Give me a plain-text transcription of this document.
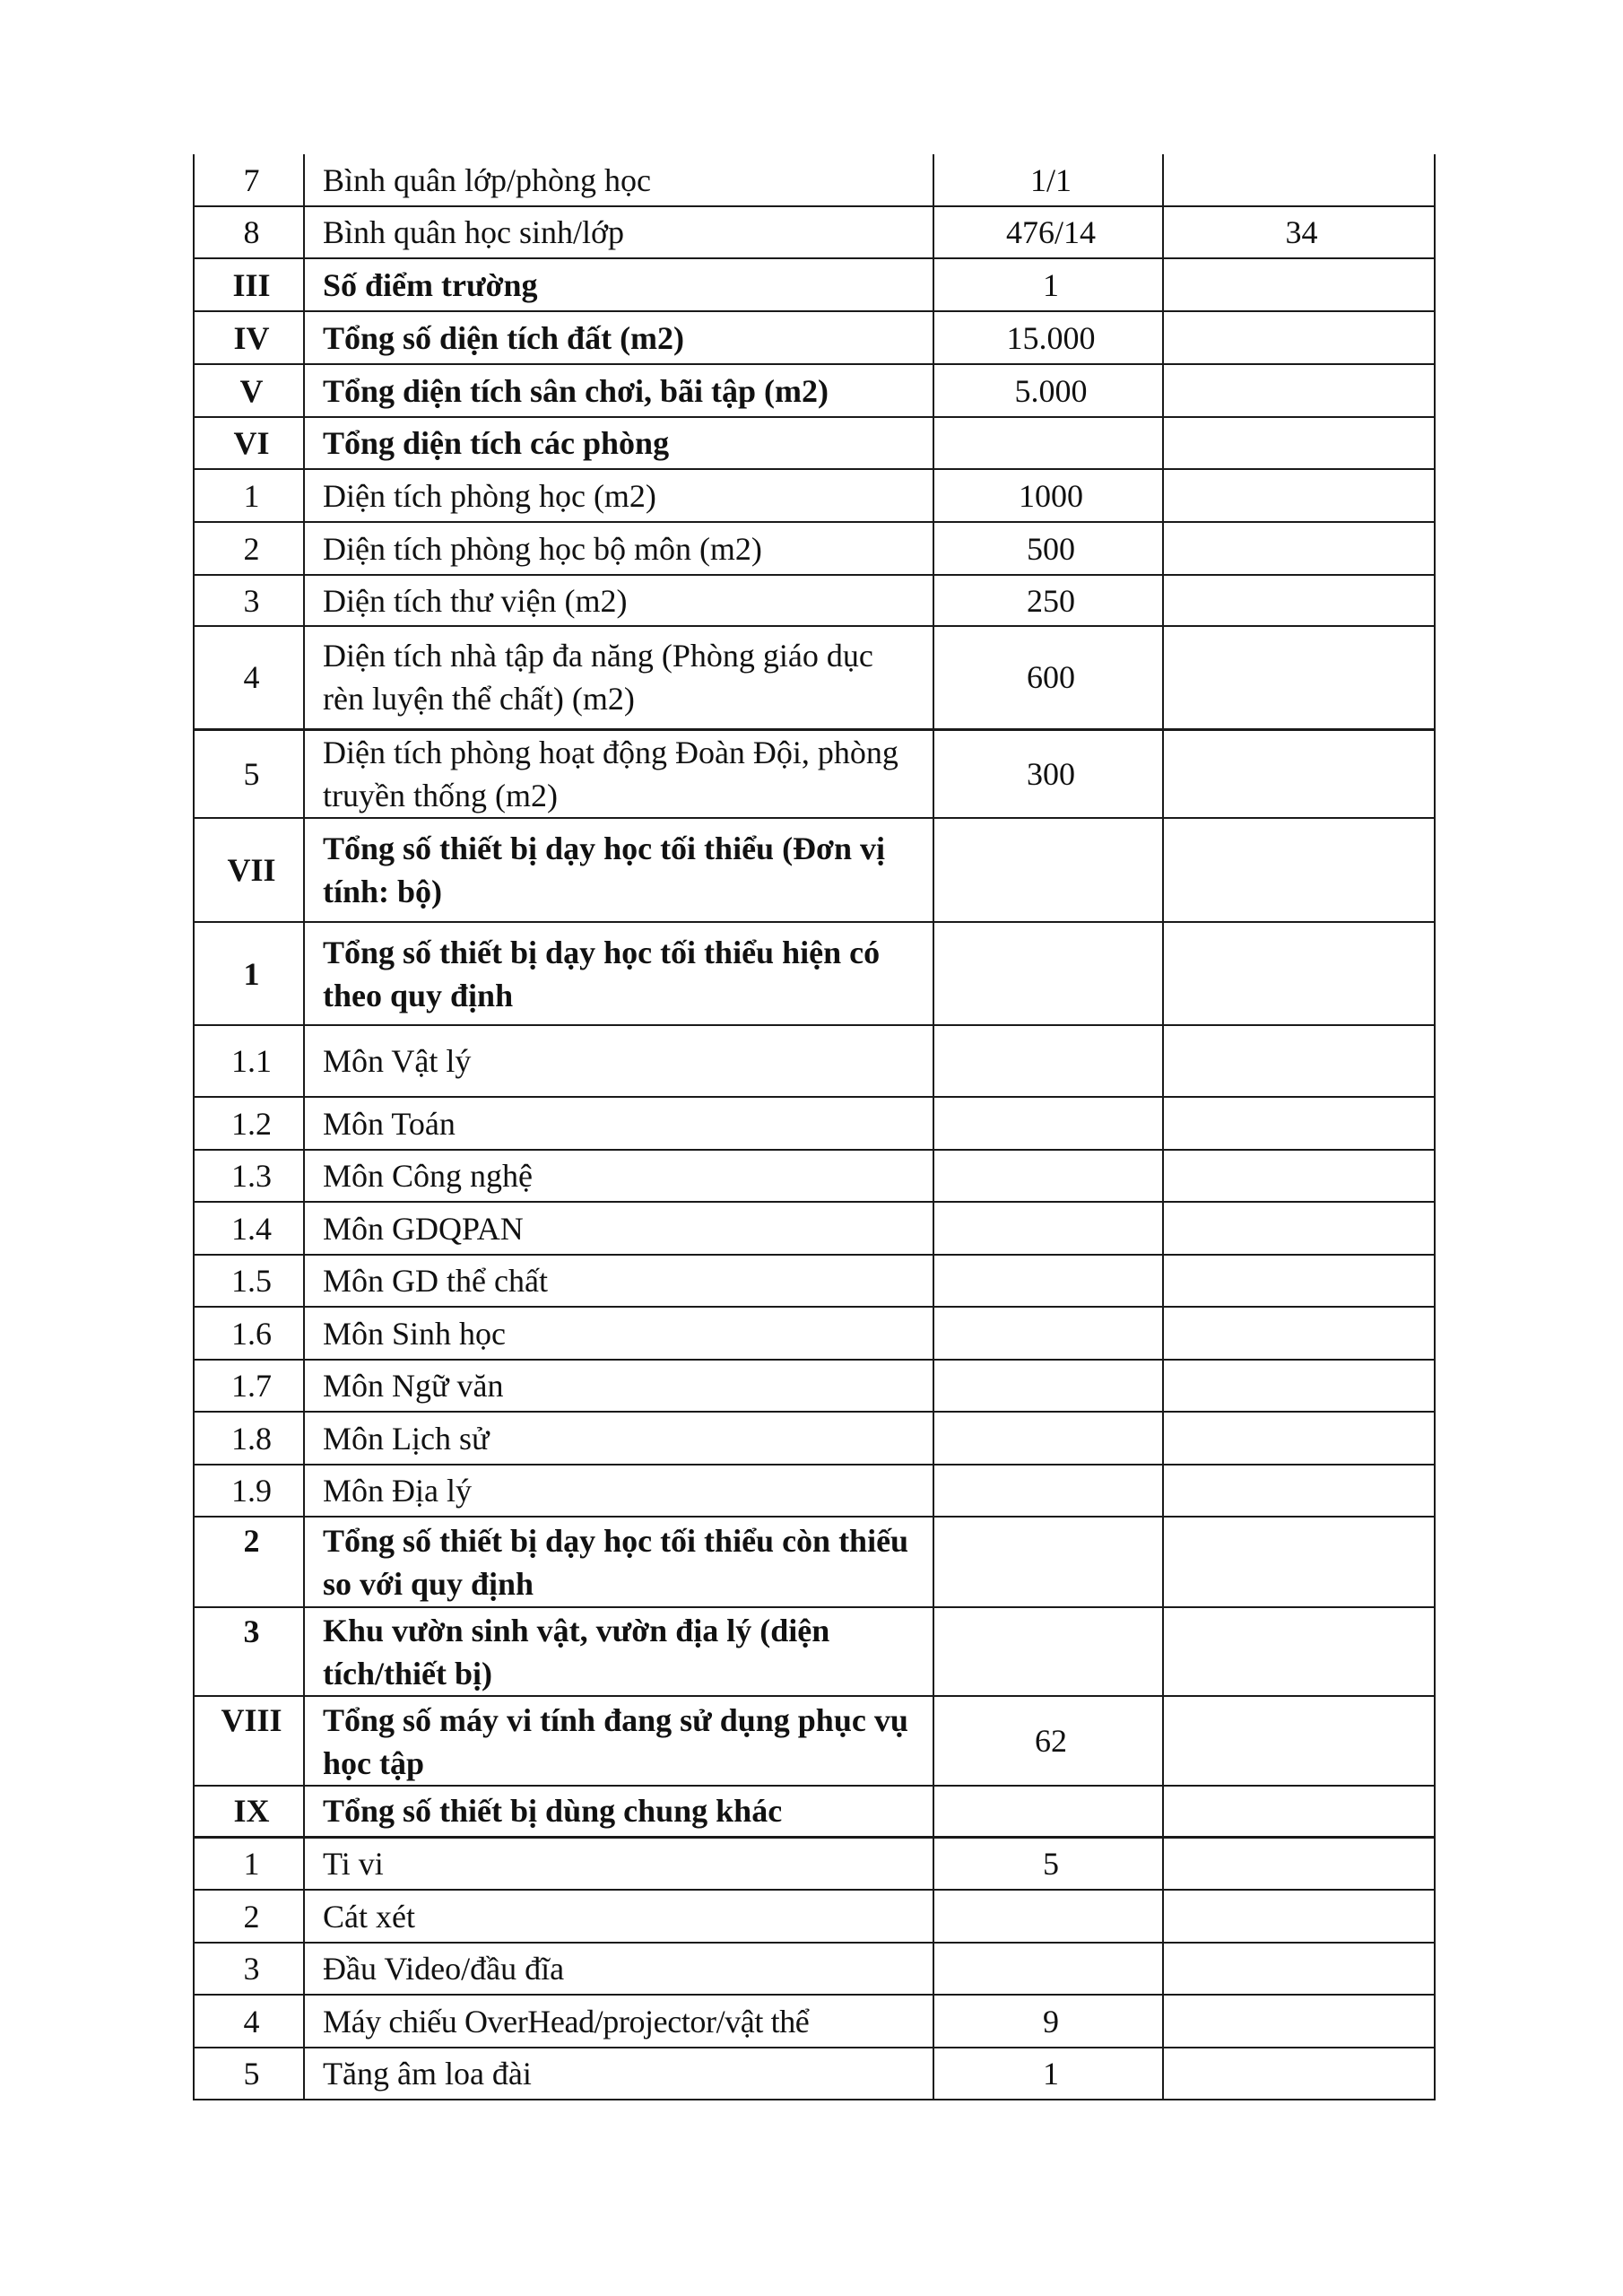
7	Bình quân lớp/phòng học	1/1	
8	Bình quân học sinh/lớp	476/14	34
III	Số điểm trường	1	
IV	Tổng số diện tích đất (m2)	15.000	
V	Tổng diện tích sân chơi, bãi tập (m2)	5.000	
VI	Tổng diện tích các phòng		
1	Diện tích phòng học (m2)	1000	
2	Diện tích phòng học bộ môn (m2)	500	
3	Diện tích thư viện (m2)	250	
4	Diện tích nhà tập đa năng (Phòng giáo dục rèn luyện thể chất) (m2)	600	
5	Diện tích phòng hoạt động Đoàn Đội, phòng truyền thống (m2)	300	
VII	Tổng số thiết bị dạy học tối thiểu (Đơn vị tính: bộ)		
1	Tổng số thiết bị dạy học tối thiểu hiện có theo quy định		
1.1	Môn Vật lý		
1.2	Môn Toán		
1.3	Môn Công nghệ		
1.4	Môn GDQPAN		
1.5	Môn GD thể chất		
1.6	Môn Sinh học		
1.7	Môn Ngữ văn		
1.8	Môn Lịch sử		
1.9	Môn Địa lý		
2	Tổng số thiết bị dạy học tối thiểu còn thiếu so với quy định		
3	Khu vườn sinh vật, vườn địa lý (diện tích/thiết bị)		
VIII	Tổng số máy vi tính đang sử dụng phục vụ học tập	62	
IX	Tổng số thiết bị dùng chung khác		
1	Ti vi	5	
2	Cát xét		
3	Đầu Video/đầu đĩa		
4	Máy chiếu OverHead/projector/vật thể	9	
5	Tăng âm loa đài	1	
